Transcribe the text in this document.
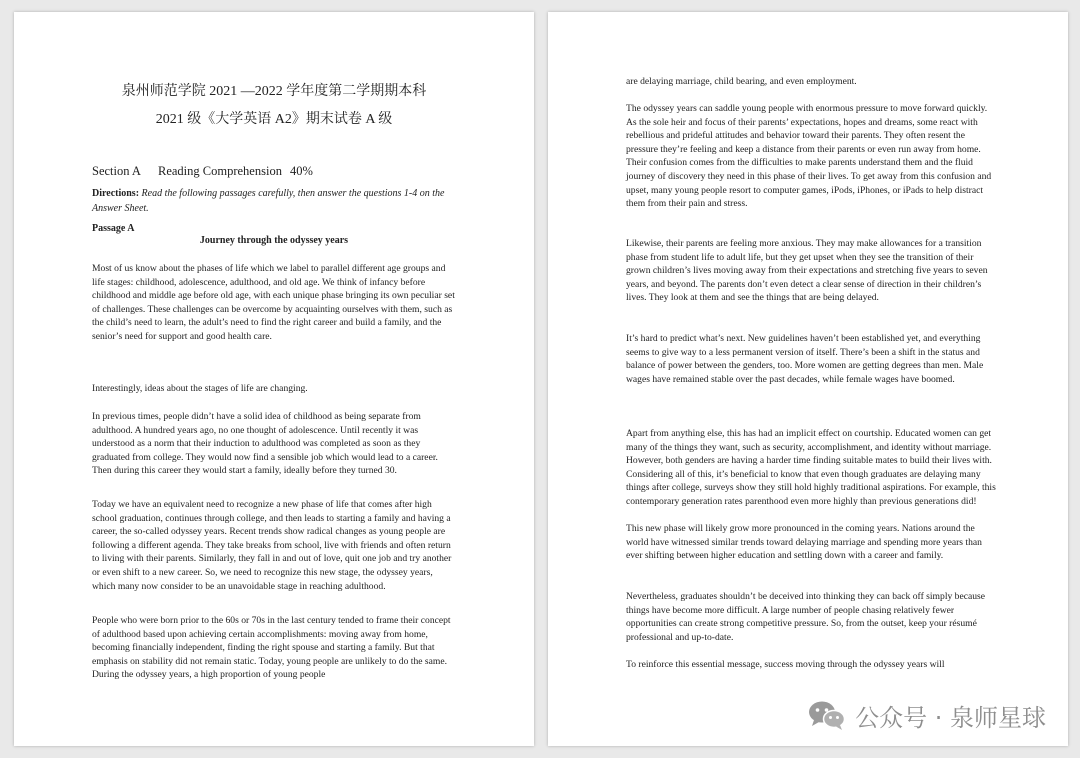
泉州师范学院 2021 —2022 学年度第二学期期本科
2021 级《大学英语 A2》期末试卷 A 级
Section A Reading Comprehension 40%
Directions: Read the following passages carefully, then answer the questions 1-4 on the Answer Sheet.
Passage A
Journey through the odyssey years

Most of us know about the phases of life which we label to parallel different age groups and life stages: childhood, adolescence, adulthood, and old age. We think of infancy before childhood and middle age before old age, with each unique phase bringing its own peculiar set of challenges. These challenges can be overcome by acquainting ourselves with them, such as the child’s need to learn, the adult’s need to find the right career and build a family, and the senior’s need for support and good health care.

Interestingly, ideas about the stages of life are changing.

In previous times, people didn’t have a solid idea of childhood as being separate from adulthood. A hundred years ago, no one thought of adolescence. Until recently it was understood as a norm that their induction to adulthood was completed as soon as they graduated from college. They would now find a sensible job which would lead to a career. Then during this career they would start a family, ideally before they turned 30.

Today we have an equivalent need to recognize a new phase of life that comes after high school graduation, continues through college, and then leads to starting a family and having a career, the so-called odyssey years. Recent trends show radical changes as young people are following a different agenda. They take breaks from school, live with friends and often return to living with their parents. Similarly, they fall in and out of love, quit one job and try another or even shift to a new career. So, we need to recognize this new stage, the odyssey years, which many now consider to be an unavoidable stage in reaching adulthood.

People who were born prior to the 60s or 70s in the last century tended to frame their concept of adulthood based upon achieving certain accomplishments: moving away from home, becoming financially independent, finding the right spouse and starting a family. But that emphasis on stability did not remain static. Today, young people are unlikely to do the same. During the odyssey years, a high proportion of young people

are delaying marriage, child bearing, and even employment.

The odyssey years can saddle young people with enormous pressure to move forward quickly. As the sole heir and focus of their parents’ expectations, hopes and dreams, some react with rebellious and prideful attitudes and behavior toward their parents. They often resent the pressure they’re feeling and keep a distance from their parents or even run away from home. Their confusion comes from the difficulties to make parents understand them and the fluid journey of discovery they need in this phase of their lives. To get away from this confusion and upset, many young people resort to computer games, iPods, iPhones, or iPads to help distract them from their pain and stress.

Likewise, their parents are feeling more anxious. They may make allowances for a transition phase from student life to adult life, but they get upset when they see the transition of their grown children’s lives moving away from their expectations and stretching five years to seven years, and beyond. The parents don’t even detect a clear sense of direction in their children’s lives. They look at them and see the things that are being delayed.

It’s hard to predict what’s next. New guidelines haven’t been established yet, and everything seems to give way to a less permanent version of itself. There’s been a shift in the status and balance of power between the genders, too. More women are getting degrees than men. Male wages have remained stable over the past decades, while female wages have boomed.

Apart from anything else, this has had an implicit effect on courtship. Educated women can get many of the things they want, such as security, accomplishment, and identity without marriage. However, both genders are having a harder time finding suitable mates to build their lives with. Considering all of this, it’s beneficial to know that even though graduates are delaying many things after college, surveys show they still hold highly traditional aspirations. For example, this contemporary generation rates parenthood even more highly than previous generations did!

This new phase will likely grow more pronounced in the coming years. Nations around the world have witnessed similar trends toward delaying marriage and spending more years than ever shifting between higher education and settling down with a career and family.

Nevertheless, graduates shouldn’t be deceived into thinking they can back off simply because things have become more difficult. A large number of people chasing relatively fewer opportunities can create strong competitive pressure. So, from the outset, keep your résumé professional and up-to-date.

To reinforce this essential message, success moving through the odyssey years will

公众号 · 泉师星球
